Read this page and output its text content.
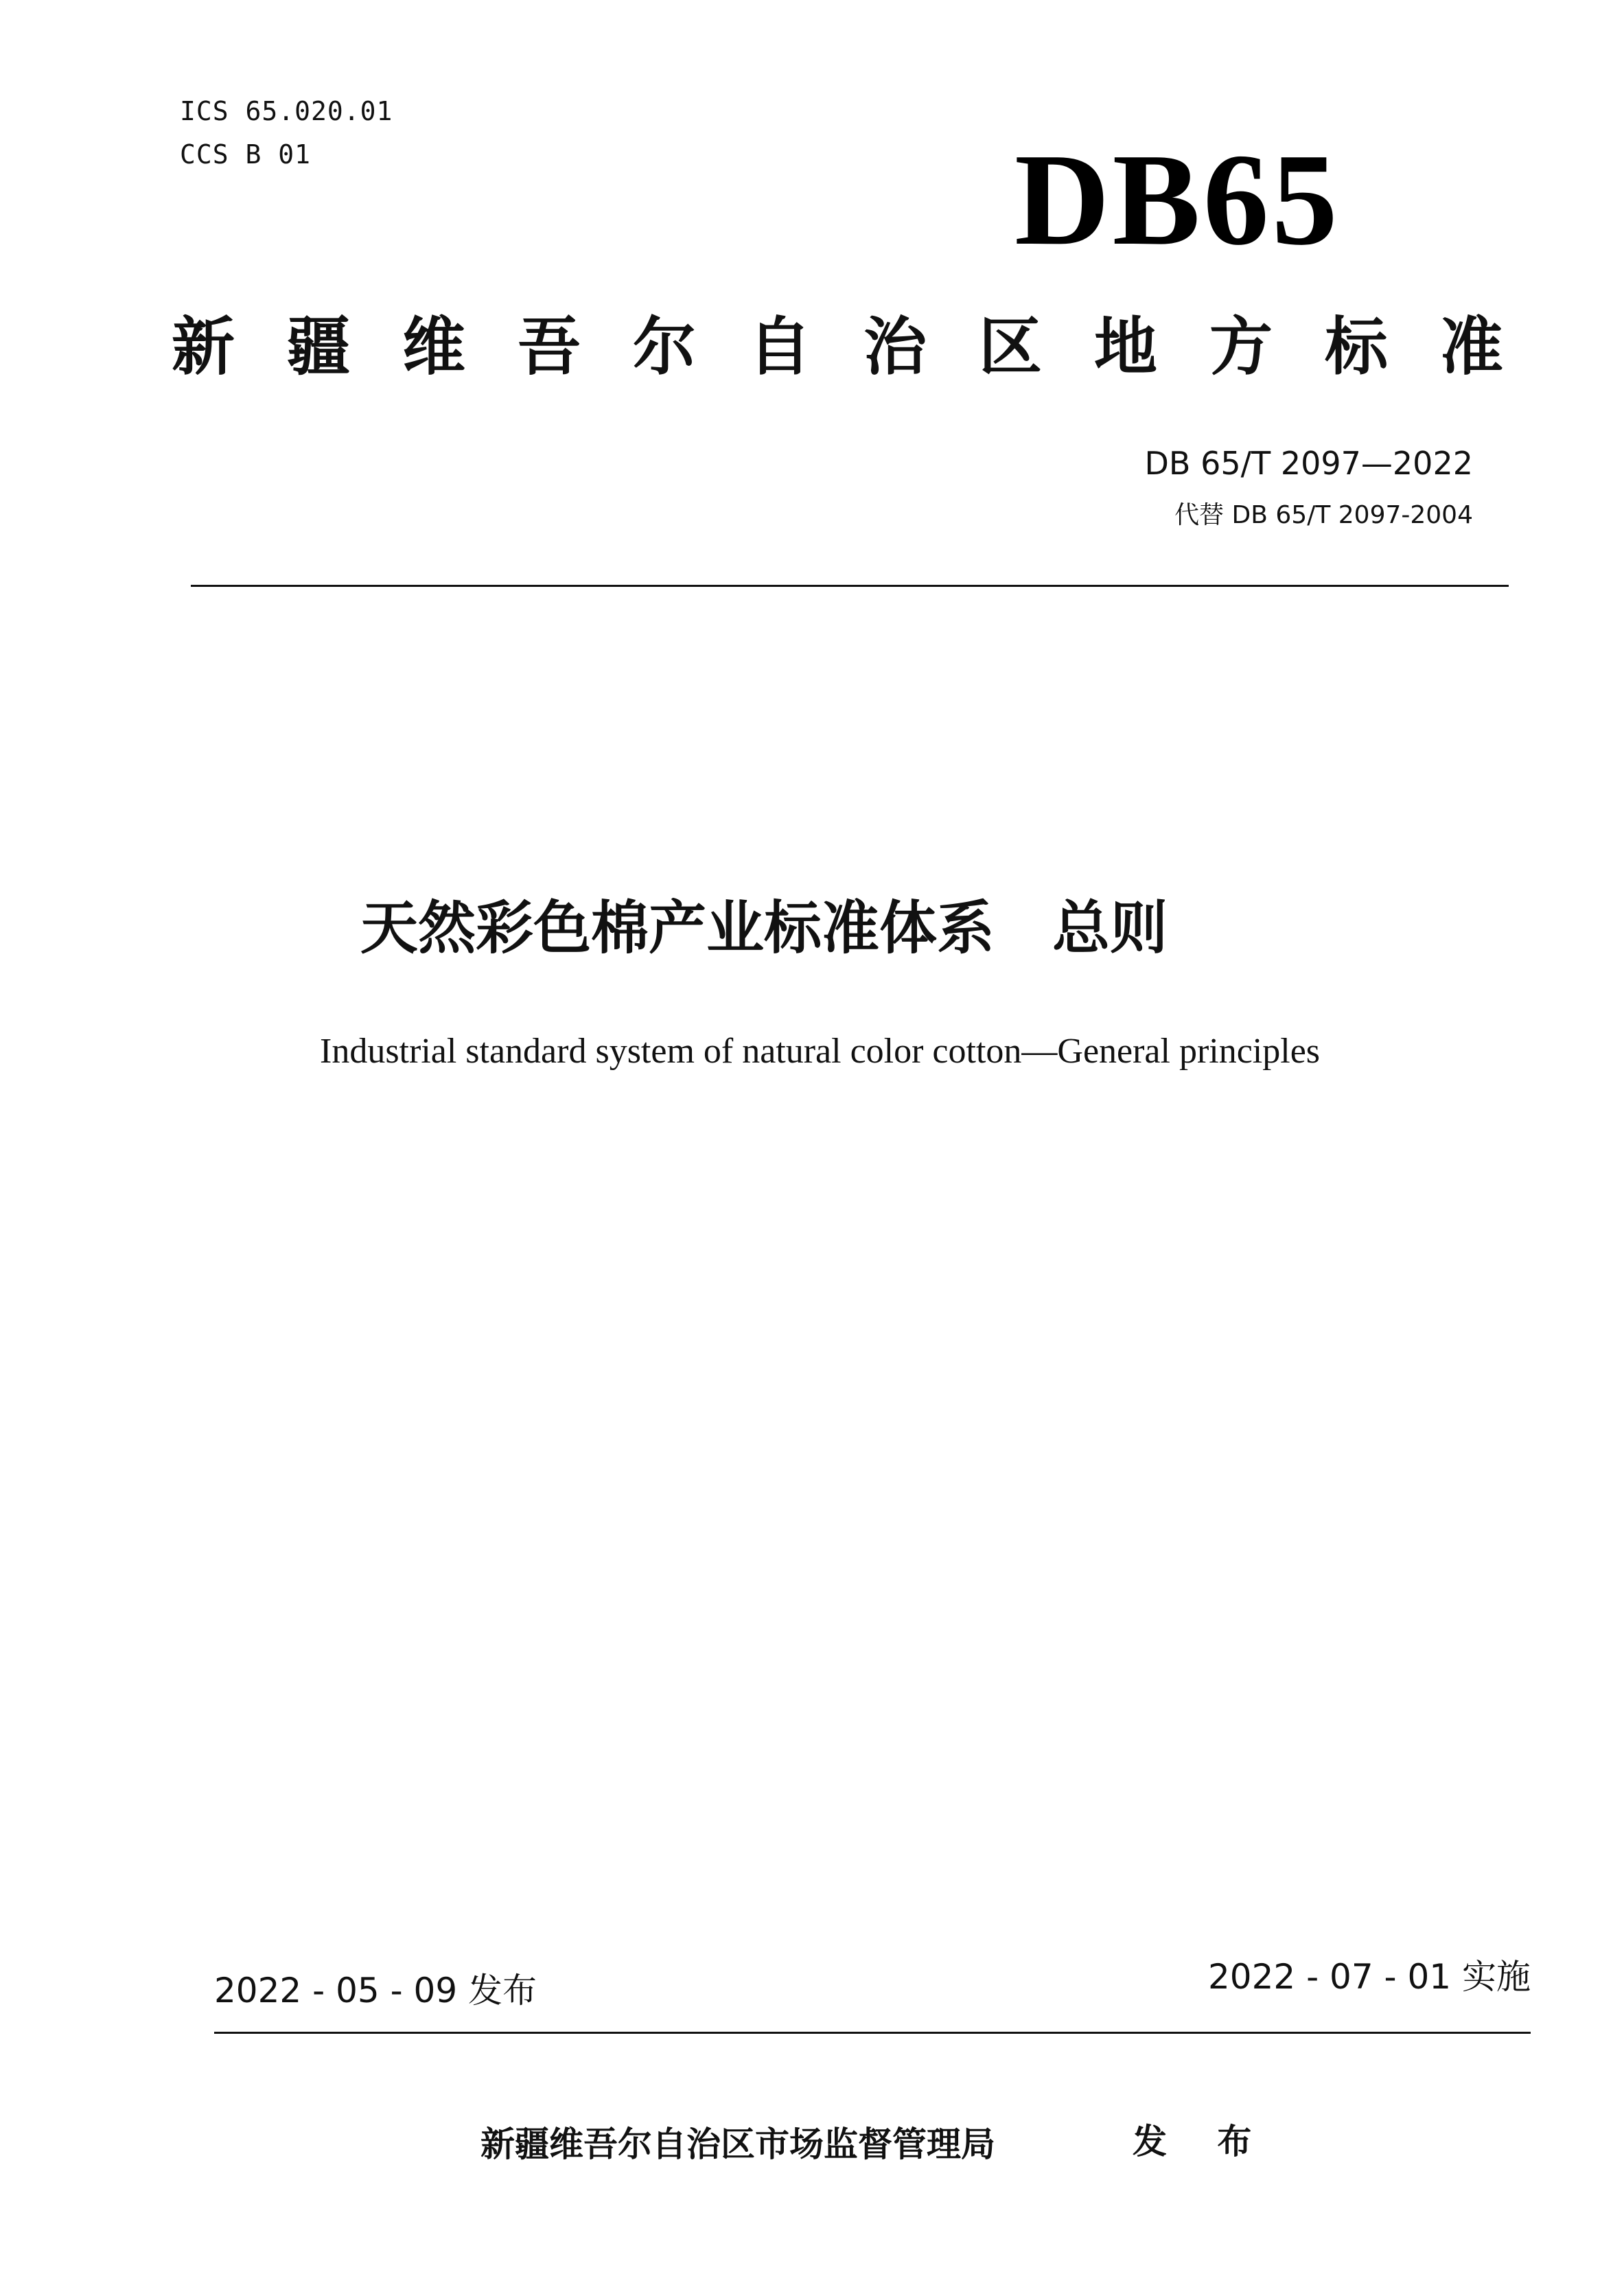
ICS 65.020.01
CCS B 01	DB65
新疆维吾尔自治区地方标准
DB 65/T 2097—2022
代替 DB 65/T 2097-2004
天然彩色棉产业标准体系　总则
Industrial standard system of natural color cotton—General principles
2022 - 05 - 09 发布	2022 - 07 - 01 实施
新疆维吾尔自治区市场监督管理局	发 布
